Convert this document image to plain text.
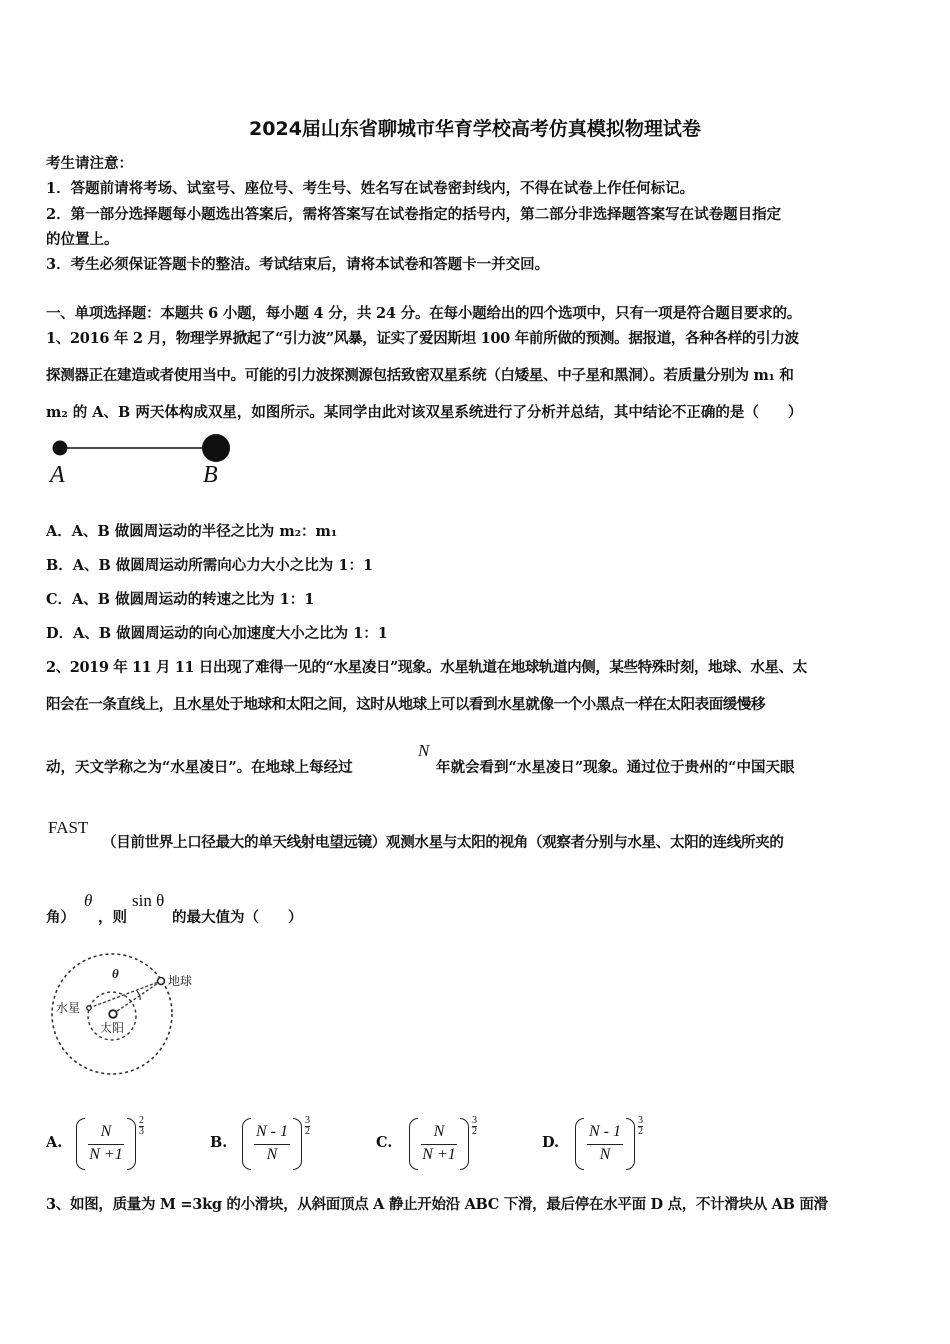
2024届山东省聊城市华育学校高考仿真模拟物理试卷
考生请注意：
1．答题前请将考场、试室号、座位号、考生号、姓名写在试卷密封线内，不得在试卷上作任何标记。
2．第一部分选择题每小题选出答案后，需将答案写在试卷指定的括号内，第二部分非选择题答案写在试卷题目指定
的位置上。
3．考生必须保证答题卡的整洁。考试结束后，请将本试卷和答题卡一并交回。
一、单项选择题：本题共 6 小题，每小题 4 分，共 24 分。在每小题给出的四个选项中，只有一项是符合题目要求的。
1、2016 年 2 月，物理学界掀起了“引力波”风暴，证实了爱因斯坦 100 年前所做的预测。据报道，各种各样的引力波
探测器正在建造或者使用当中。可能的引力波探测源包括致密双星系统（白矮星、中子星和黑洞）。若质量分别为 m₁ 和
m₂ 的 A、B 两天体构成双星，如图所示。某同学由此对该双星系统进行了分析并总结，其中结论不正确的是（　　）
A	B
A．A、B 做圆周运动的半径之比为 m₂：m₁
B．A、B 做圆周运动所需向心力大小之比为 1：1
C．A、B 做圆周运动的转速之比为 1：1
D．A、B 做圆周运动的向心加速度大小之比为 1：1
2、2019 年 11 月 11 日出现了难得一见的“水星凌日”现象。水星轨道在地球轨道内侧，某些特殊时刻，地球、水星、太
阳会在一条直线上，且水星处于地球和太阳之间，这时从地球上可以看到水星就像一个小黑点一样在太阳表面缓慢移
动，天文学称之为“水星凌日”。在地球上每经过
N
年就会看到“水星凌日”现象。通过位于贵州的“中国天眼
FAST
（目前世界上口径最大的单天线射电望远镜）观测水星与太阳的视角（观察者分别与水星、太阳的连线所夹的
角）
θ
，则
sin θ
的最大值为（　　）
θ	地球
水星
太阳
A.
N
N +1
2
3
B.
N - 1
N
3
2
C.
N
N +1
3
2
D.
N - 1
N
3
2
3、如图，质量为 M =3kg 的小滑块，从斜面顶点 A 静止开始沿 ABC 下滑，最后停在水平面 D 点，不计滑块从 AB 面滑
